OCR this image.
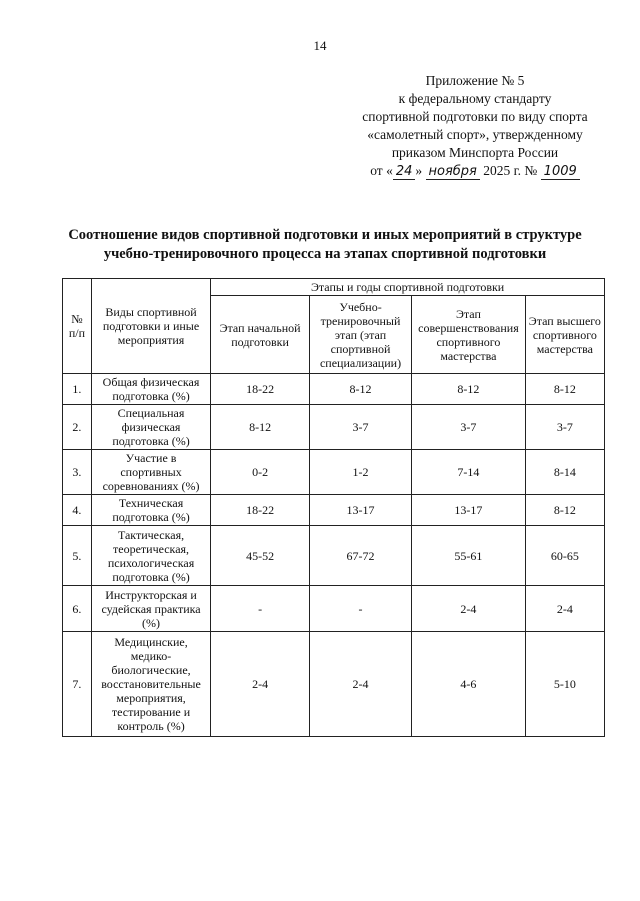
14
Приложение № 5
к федеральному стандарту
спортивной подготовки по виду спорта
«самолетный спорт», утвержденному
приказом Минспорта России
от « 24 » ноября 2025 г. № 1009
Соотношение видов спортивной подготовки и иных мероприятий в структуре
учебно-тренировочного процесса на этапах спортивной подготовки
№ п/п	Виды спортивной подготовки и иные мероприятия	Этапы и годы спортивной подготовки			
		Этап начальной подготовки	Учебно-тренировочный этап (этап спортивной специализации)	Этап совершенствования спортивного мастерства	Этап высшего спортивного мастерства
1.	Общая физическая подготовка (%)	18-22	8-12	8-12	8-12
2.	Специальная физическая подготовка (%)	8-12	3-7	3-7	3-7
3.	Участие в спортивных соревнованиях (%)	0-2	1-2	7-14	8-14
4.	Техническая подготовка (%)	18-22	13-17	13-17	8-12
5.	Тактическая, теоретическая, психологическая подготовка (%)	45-52	67-72	55-61	60-65
6.	Инструкторская и судейская практика (%)	-	-	2-4	2-4
7.	Медицинские, медико-биологические, восстановительные мероприятия, тестирование и контроль (%)	2-4	2-4	4-6	5-10
